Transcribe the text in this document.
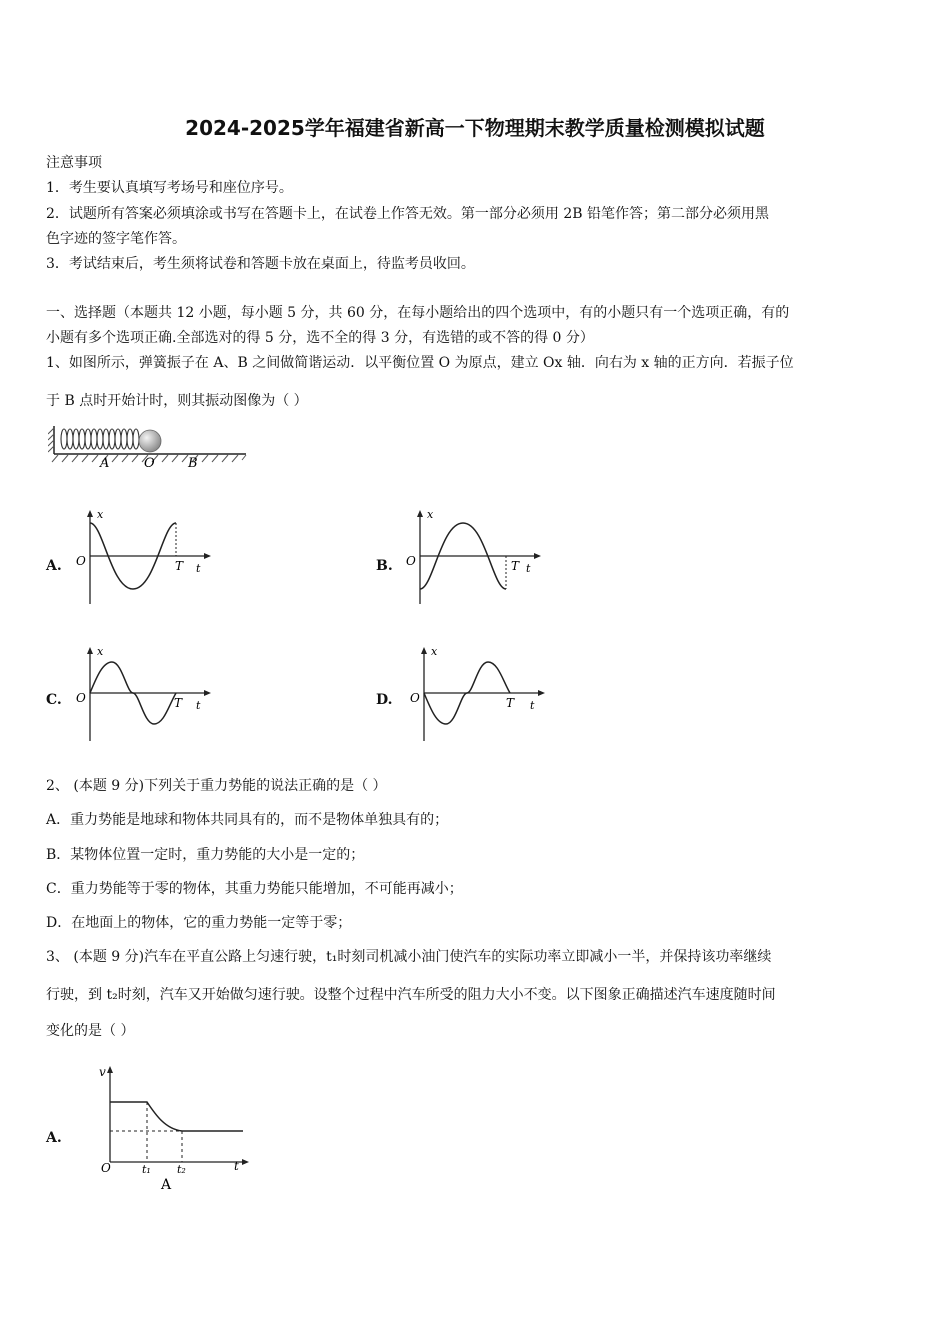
2024-2025学年福建省新高一下物理期末教学质量检测模拟试题
注意事项
1．考生要认真填写考场号和座位序号。
2．试题所有答案必须填涂或书写在答题卡上，在试卷上作答无效。第一部分必须用 2B 铅笔作答；第二部分必须用黑
色字迹的签字笔作答。
3．考试结束后，考生须将试卷和答题卡放在桌面上，待监考员收回。
一、选择题（本题共 12 小题，每小题 5 分，共 60 分，在每小题给出的四个选项中，有的小题只有一个选项正确，有的
小题有多个选项正确.全部选对的得 5 分，选不全的得 3 分，有选错的或不答的得 0 分）
1、如图所示，弹簧振子在 A、B 之间做简谐运动．以平衡位置 O 为原点，建立 Ox 轴．向右为 x 轴的正方向．若振子位
于 B 点时开始计时，则其振动图像为（ ）
A	O	B
A.
x
O	T t	B.
x
O	T t
C.
x
O	T t	D.
x
O	T t
2、 (本题 9 分)下列关于重力势能的说法正确的是（ ）
A．重力势能是地球和物体共同具有的，而不是物体单独具有的；
B．某物体位置一定时，重力势能的大小是一定的；
C．重力势能等于零的物体，其重力势能只能增加，不可能再减小；
D．在地面上的物体，它的重力势能一定等于零；
3、 (本题 9 分)汽车在平直公路上匀速行驶，t₁时刻司机减小油门使汽车的实际功率立即减小一半，并保持该功率继续
行驶，到 t₂时刻，汽车又开始做匀速行驶。设整个过程中汽车所受的阻力大小不变。以下图象正确描述汽车速度随时间
变化的是（ ）
A.
v
O	t₁ t₂	t
A
